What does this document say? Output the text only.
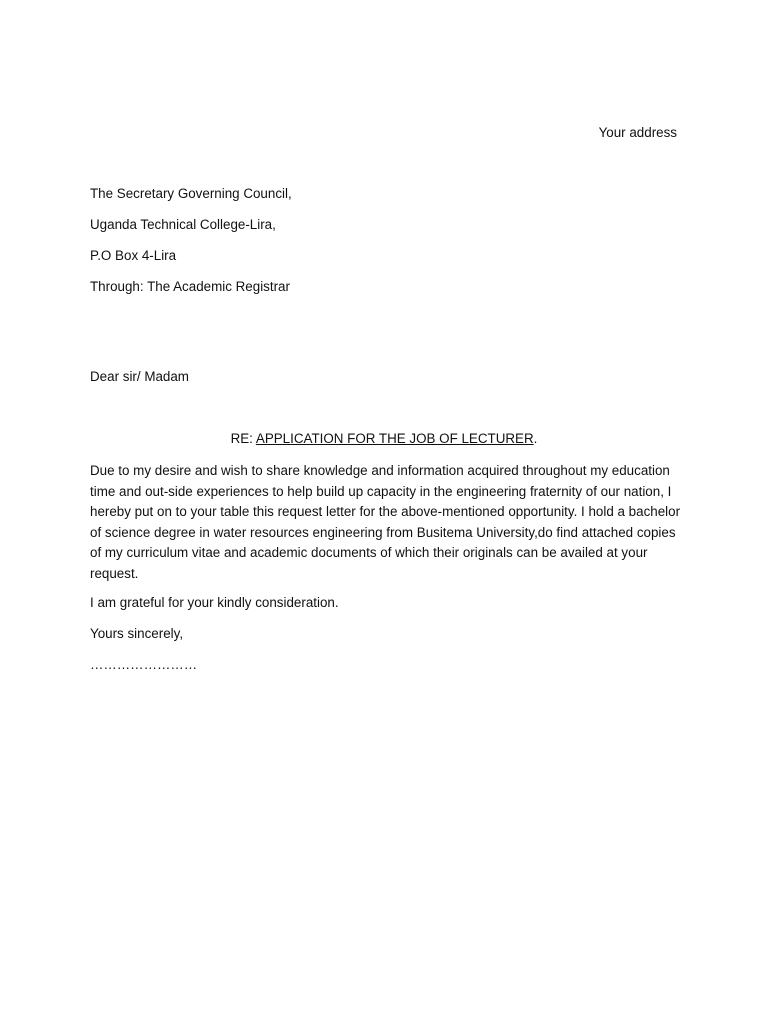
Your address
The Secretary Governing Council,
Uganda Technical College-Lira,
P.O Box 4-Lira
Through: The Academic Registrar
Dear sir/ Madam
RE: APPLICATION FOR THE JOB OF LECTURER.
Due to my desire and wish to share knowledge and information acquired throughout my education time and out-side experiences to help build up capacity in the engineering fraternity of our nation, I hereby put on to your table this request letter for the above-mentioned opportunity. I hold a bachelor of science degree in water resources engineering from Busitema University,do find attached copies of my curriculum vitae and academic documents of which their originals can be availed at your request.
I am grateful for your kindly consideration.
Yours sincerely,
……………………
